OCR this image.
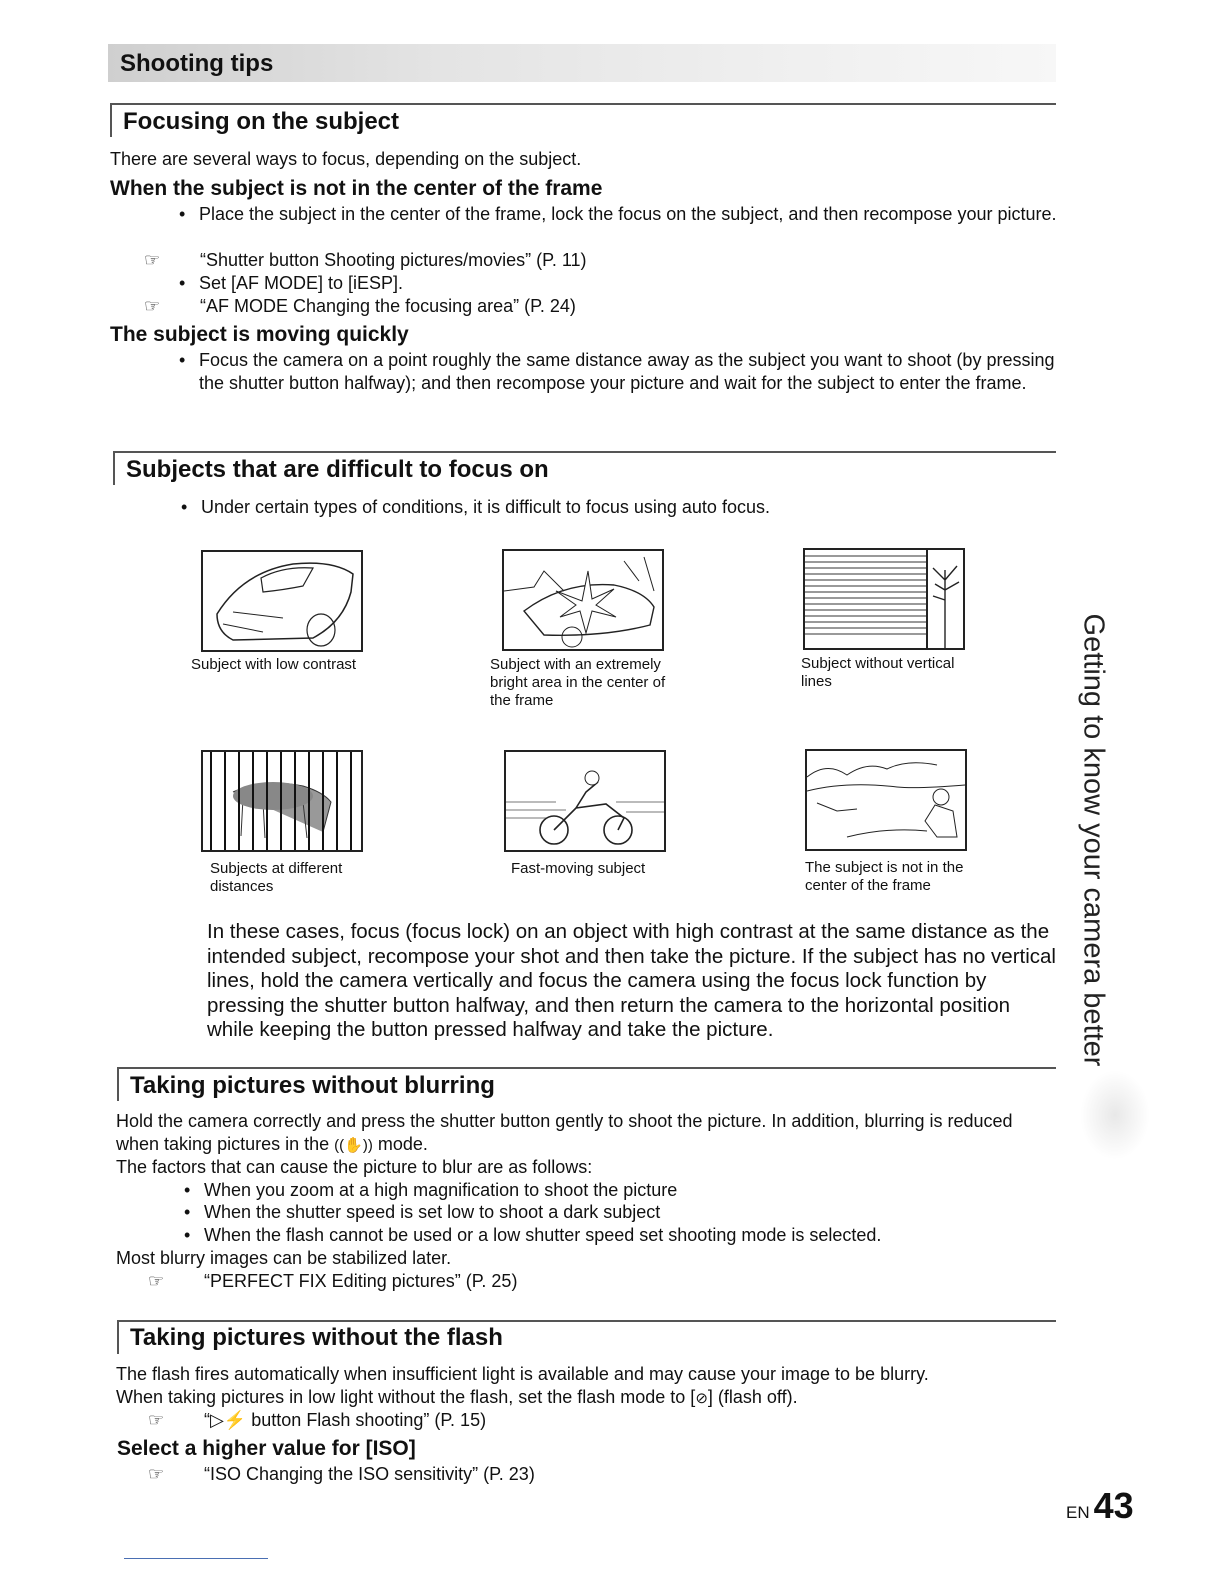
Shooting tips
Focusing on the subject
There are several ways to focus, depending on the subject.
When the subject is not in the center of the frame
• Place the subject in the center of the frame, lock the focus on the subject, and then recompose your picture.
☞ “Shutter button Shooting pictures/movies” (P. 11)
• Set [AF MODE] to [iESP].
☞ “AF MODE Changing the focusing area” (P. 24)
The subject is moving quickly
• Focus the camera on a point roughly the same distance away as the subject you want to shoot (by pressing the shutter button halfway); and then recompose your picture and wait for the subject to enter the frame.
Subjects that are difficult to focus on
• Under certain types of conditions, it is difficult to focus using auto focus.
Subject with low contrast	Subject with an extremely bright area in the center of the frame
Subject without vertical lines
Subjects at different distances
Fast-moving subject	The subject is not in the center of the frame
In these cases, focus (focus lock) on an object with high contrast at the same distance as the intended subject, recompose your shot and then take the picture. If the subject has no vertical lines, hold the camera vertically and focus the camera using the focus lock function by pressing the shutter button halfway, and then return the camera to the horizontal position while keeping the button pressed halfway and take the picture.
Taking pictures without blurring
Hold the camera correctly and press the shutter button gently to shoot the picture. In addition, blurring is reduced when taking pictures in the ((✋)) mode.
The factors that can cause the picture to blur are as follows:
• When you zoom at a high magnification to shoot the picture
• When the shutter speed is set low to shoot a dark subject
• When the flash cannot be used or a low shutter speed set shooting mode is selected.
Most blurry images can be stabilized later.
☞ “PERFECT FIX Editing pictures” (P. 25)
Taking pictures without the flash
The flash fires automatically when insufficient light is available and may cause your image to be blurry.
When taking pictures in low light without the flash, set the flash mode to [⊘] (flash off).
☞ “▷⚡ button Flash shooting” (P. 15)
Select a higher value for [ISO]
☞ “ISO Changing the ISO sensitivity” (P. 23)
Getting to know your camera better
EN 43
